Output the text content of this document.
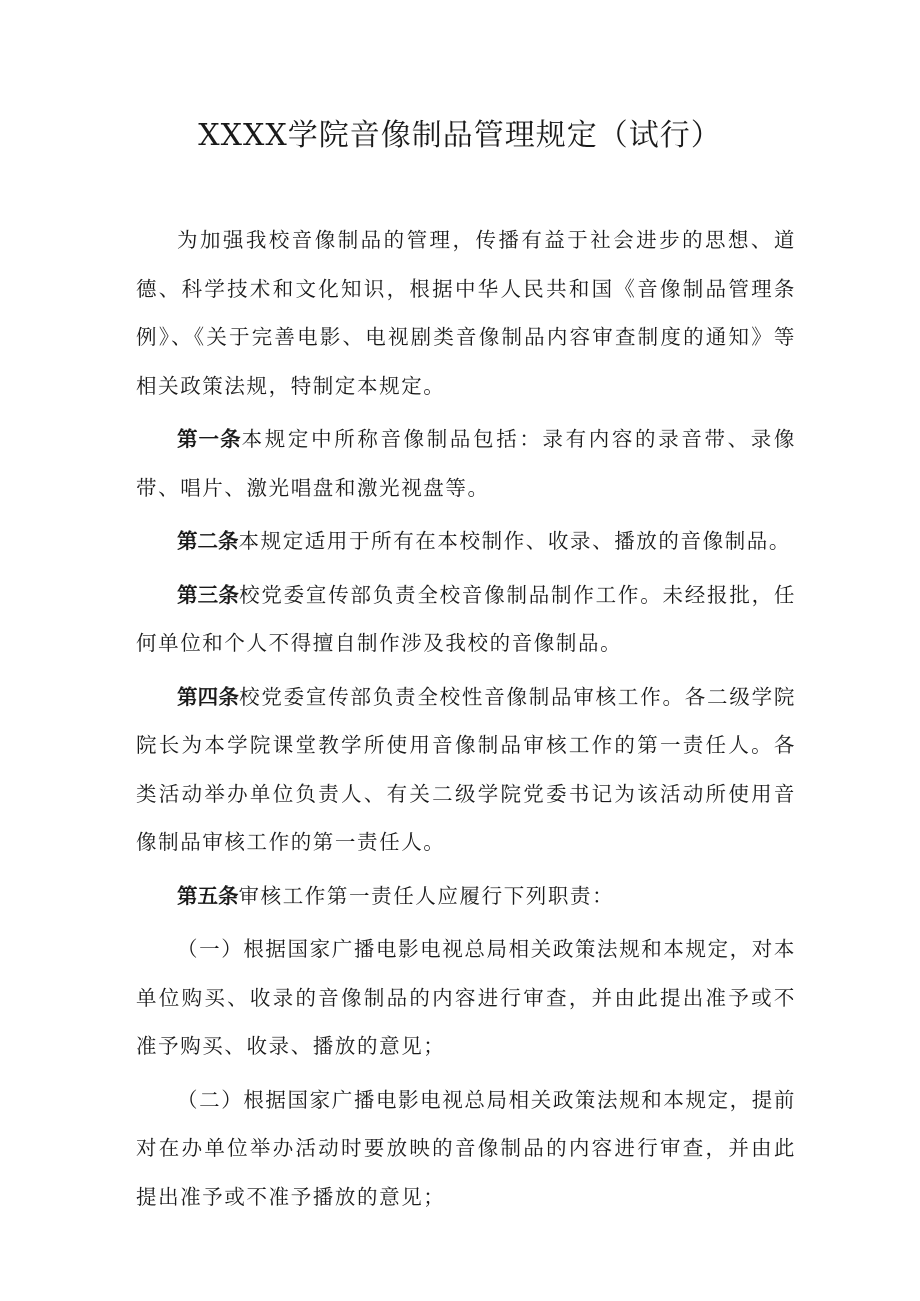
XXXX学院音像制品管理规定（试行）

为加强我校音像制品的管理，传播有益于社会进步的思想、道德、科学技术和文化知识，根据中华人民共和国《音像制品管理条例》、《关于完善电影、电视剧类音像制品内容审查制度的通知》等相关政策法规，特制定本规定。

第一条本规定中所称音像制品包括：录有内容的录音带、录像带、唱片、激光唱盘和激光视盘等。

第二条本规定适用于所有在本校制作、收录、播放的音像制品。

第三条校党委宣传部负责全校音像制品制作工作。未经报批，任何单位和个人不得擅自制作涉及我校的音像制品。

第四条校党委宣传部负责全校性音像制品审核工作。各二级学院院长为本学院课堂教学所使用音像制品审核工作的第一责任人。各类活动举办单位负责人、有关二级学院党委书记为该活动所使用音像制品审核工作的第一责任人。

第五条审核工作第一责任人应履行下列职责：

（一）根据国家广播电影电视总局相关政策法规和本规定，对本单位购买、收录的音像制品的内容进行审查，并由此提出准予或不准予购买、收录、播放的意见；

（二）根据国家广播电影电视总局相关政策法规和本规定，提前对在办单位举办活动时要放映的音像制品的内容进行审查，并由此提出准予或不准予播放的意见；
